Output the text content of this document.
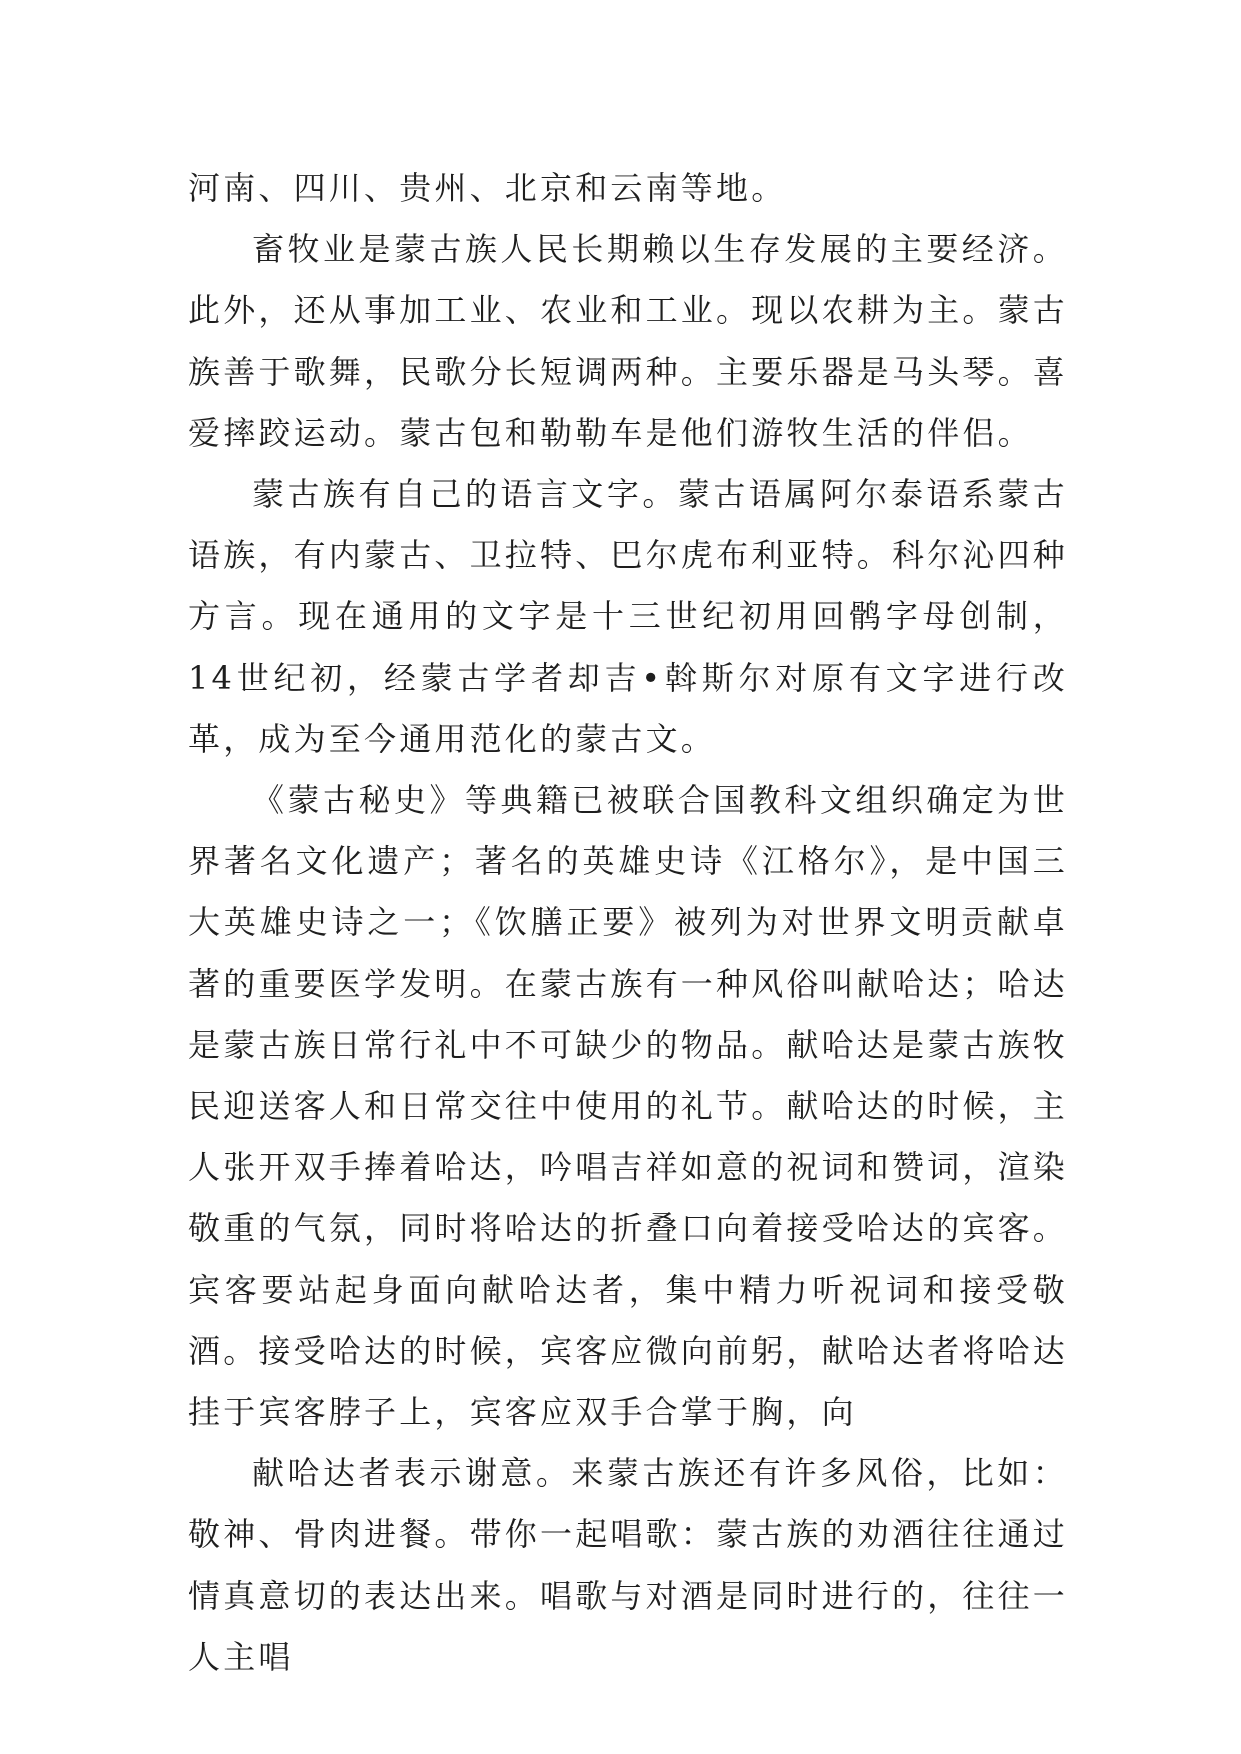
河南、四川、贵州、北京和云南等地。

畜牧业是蒙古族人民长期赖以生存发展的主要经济。此外，还从事加工业、农业和工业。现以农耕为主。蒙古族善于歌舞，民歌分长短调两种。主要乐器是马头琴。喜爱摔跤运动。蒙古包和勒勒车是他们游牧生活的伴侣。

蒙古族有自己的语言文字。蒙古语属阿尔泰语系蒙古语族，有内蒙古、卫拉特、巴尔虎布利亚特。科尔沁四种方言。现在通用的文字是十三世纪初用回鹘字母创制，14世纪初，经蒙古学者却吉•斡斯尔对原有文字进行改革，成为至今通用范化的蒙古文。

《蒙古秘史》等典籍已被联合国教科文组织确定为世界著名文化遗产；著名的英雄史诗《江格尔》，是中国三大英雄史诗之一；《饮膳正要》被列为对世界文明贡献卓著的重要医学发明。在蒙古族有一种风俗叫献哈达；哈达是蒙古族日常行礼中不可缺少的物品。献哈达是蒙古族牧民迎送客人和日常交往中使用的礼节。献哈达的时候，主人张开双手捧着哈达，吟唱吉祥如意的祝词和赞词，渲染敬重的气氛，同时将哈达的折叠口向着接受哈达的宾客。宾客要站起身面向献哈达者，集中精力听祝词和接受敬酒。接受哈达的时候，宾客应微向前躬，献哈达者将哈达挂于宾客脖子上，宾客应双手合掌于胸，向

献哈达者表示谢意。来蒙古族还有许多风俗，比如：敬神、骨肉进餐。带你一起唱歌：蒙古族的劝酒往往通过情真意切的表达出来。唱歌与对酒是同时进行的，往往一人主唱
